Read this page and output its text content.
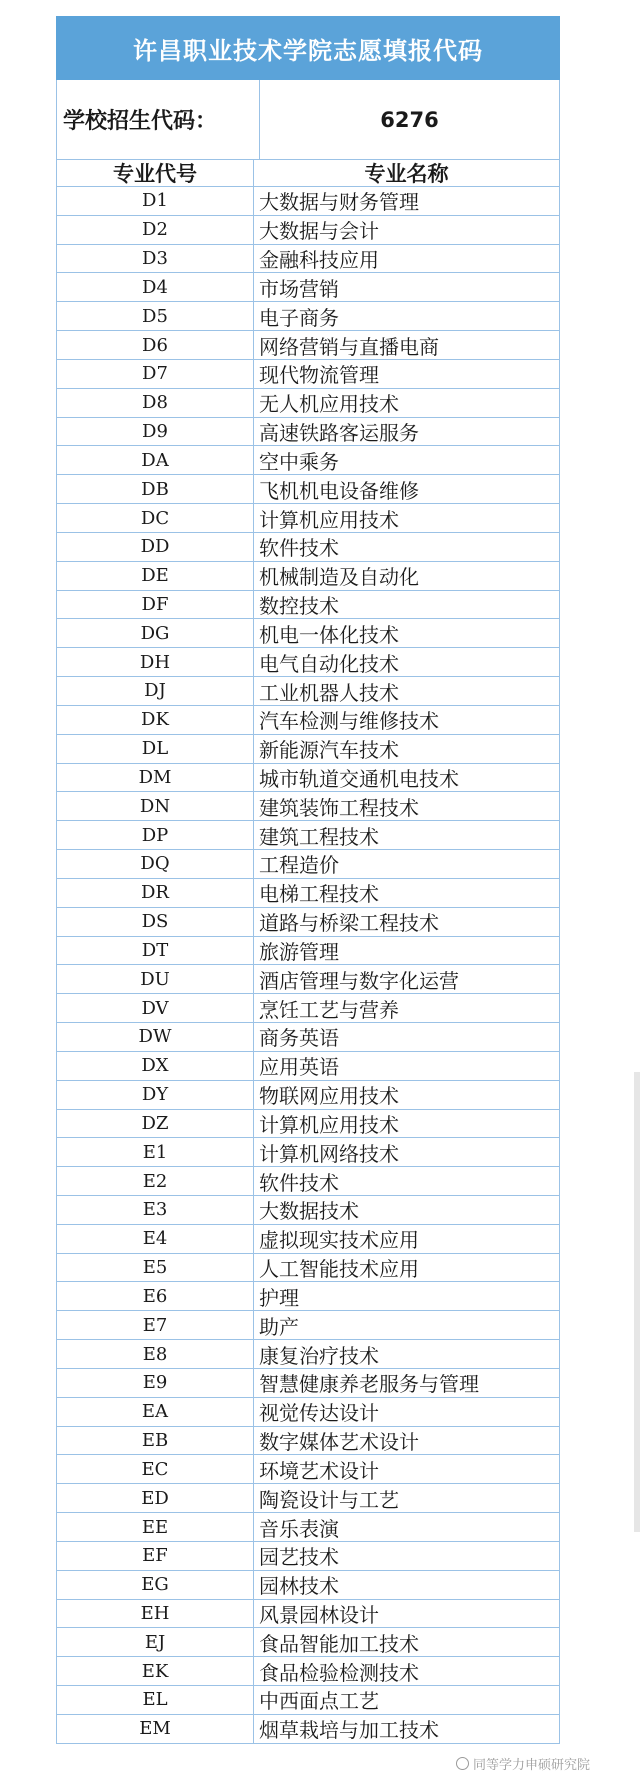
许昌职业技术学院志愿填报代码
学校招生代码：	6276
专业代号	专业名称
D1	大数据与财务管理
D2	大数据与会计
D3	金融科技应用
D4	市场营销
D5	电子商务
D6	网络营销与直播电商
D7	现代物流管理
D8	无人机应用技术
D9	高速铁路客运服务
DA	空中乘务
DB	飞机机电设备维修
DC	计算机应用技术
DD	软件技术
DE	机械制造及自动化
DF	数控技术
DG	机电一体化技术
DH	电气自动化技术
DJ	工业机器人技术
DK	汽车检测与维修技术
DL	新能源汽车技术
DM	城市轨道交通机电技术
DN	建筑装饰工程技术
DP	建筑工程技术
DQ	工程造价
DR	电梯工程技术
DS	道路与桥梁工程技术
DT	旅游管理
DU	酒店管理与数字化运营
DV	烹饪工艺与营养
DW	商务英语
DX	应用英语
DY	物联网应用技术
DZ	计算机应用技术
E1	计算机网络技术
E2	软件技术
E3	大数据技术
E4	虚拟现实技术应用
E5	人工智能技术应用
E6	护理
E7	助产
E8	康复治疗技术
E9	智慧健康养老服务与管理
EA	视觉传达设计
EB	数字媒体艺术设计
EC	环境艺术设计
ED	陶瓷设计与工艺
EE	音乐表演
EF	园艺技术
EG	园林技术
EH	风景园林设计
EJ	食品智能加工技术
EK	食品检验检测技术
EL	中西面点工艺
EM	烟草栽培与加工技术
同等学力申硕研究院
